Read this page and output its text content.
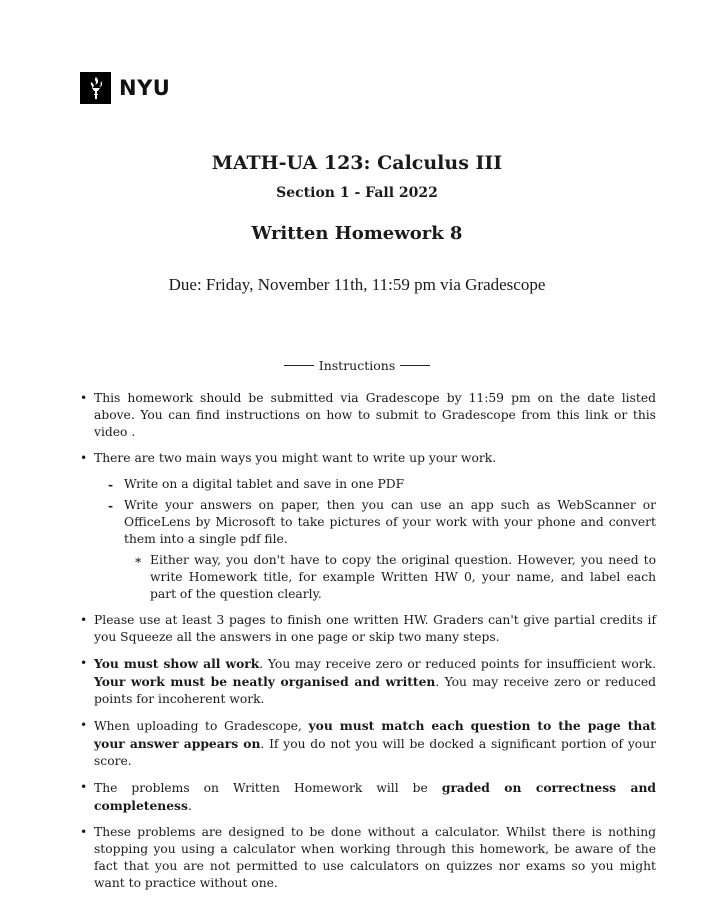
NYU
MATH-UA 123: Calculus III
Section 1 - Fall 2022
Written Homework 8
Due: Friday, November 11th, 11:59 pm via Gradescope
Instructions
• This homework should be submitted via Gradescope by 11:59 pm on the date listed above. You can find instructions on how to submit to Gradescope from this link or this video .
• There are two main ways you might want to write up your work.
- Write on a digital tablet and save in one PDF
- Write your answers on paper, then you can use an app such as WebScanner or OfficeLens by Microsoft to take pictures of your work with your phone and convert them into a single pdf file.
∗ Either way, you don't have to copy the original question. However, you need to write Homework title, for example Written HW 0, your name, and label each part of the question clearly.
• Please use at least 3 pages to finish one written HW. Graders can't give partial credits if you Squeeze all the answers in one page or skip two many steps.
• You must show all work. You may receive zero or reduced points for insufficient work. Your work must be neatly organised and written. You may receive zero or reduced points for incoherent work.
• When uploading to Gradescope, you must match each question to the page that your answer appears on. If you do not you will be docked a significant portion of your score.
• The problems on Written Homework will be graded on correctness and completeness.
• These problems are designed to be done without a calculator. Whilst there is nothing stopping you using a calculator when working through this homework, be aware of the fact that you are not permitted to use calculators on quizzes nor exams so you might want to practice without one.
